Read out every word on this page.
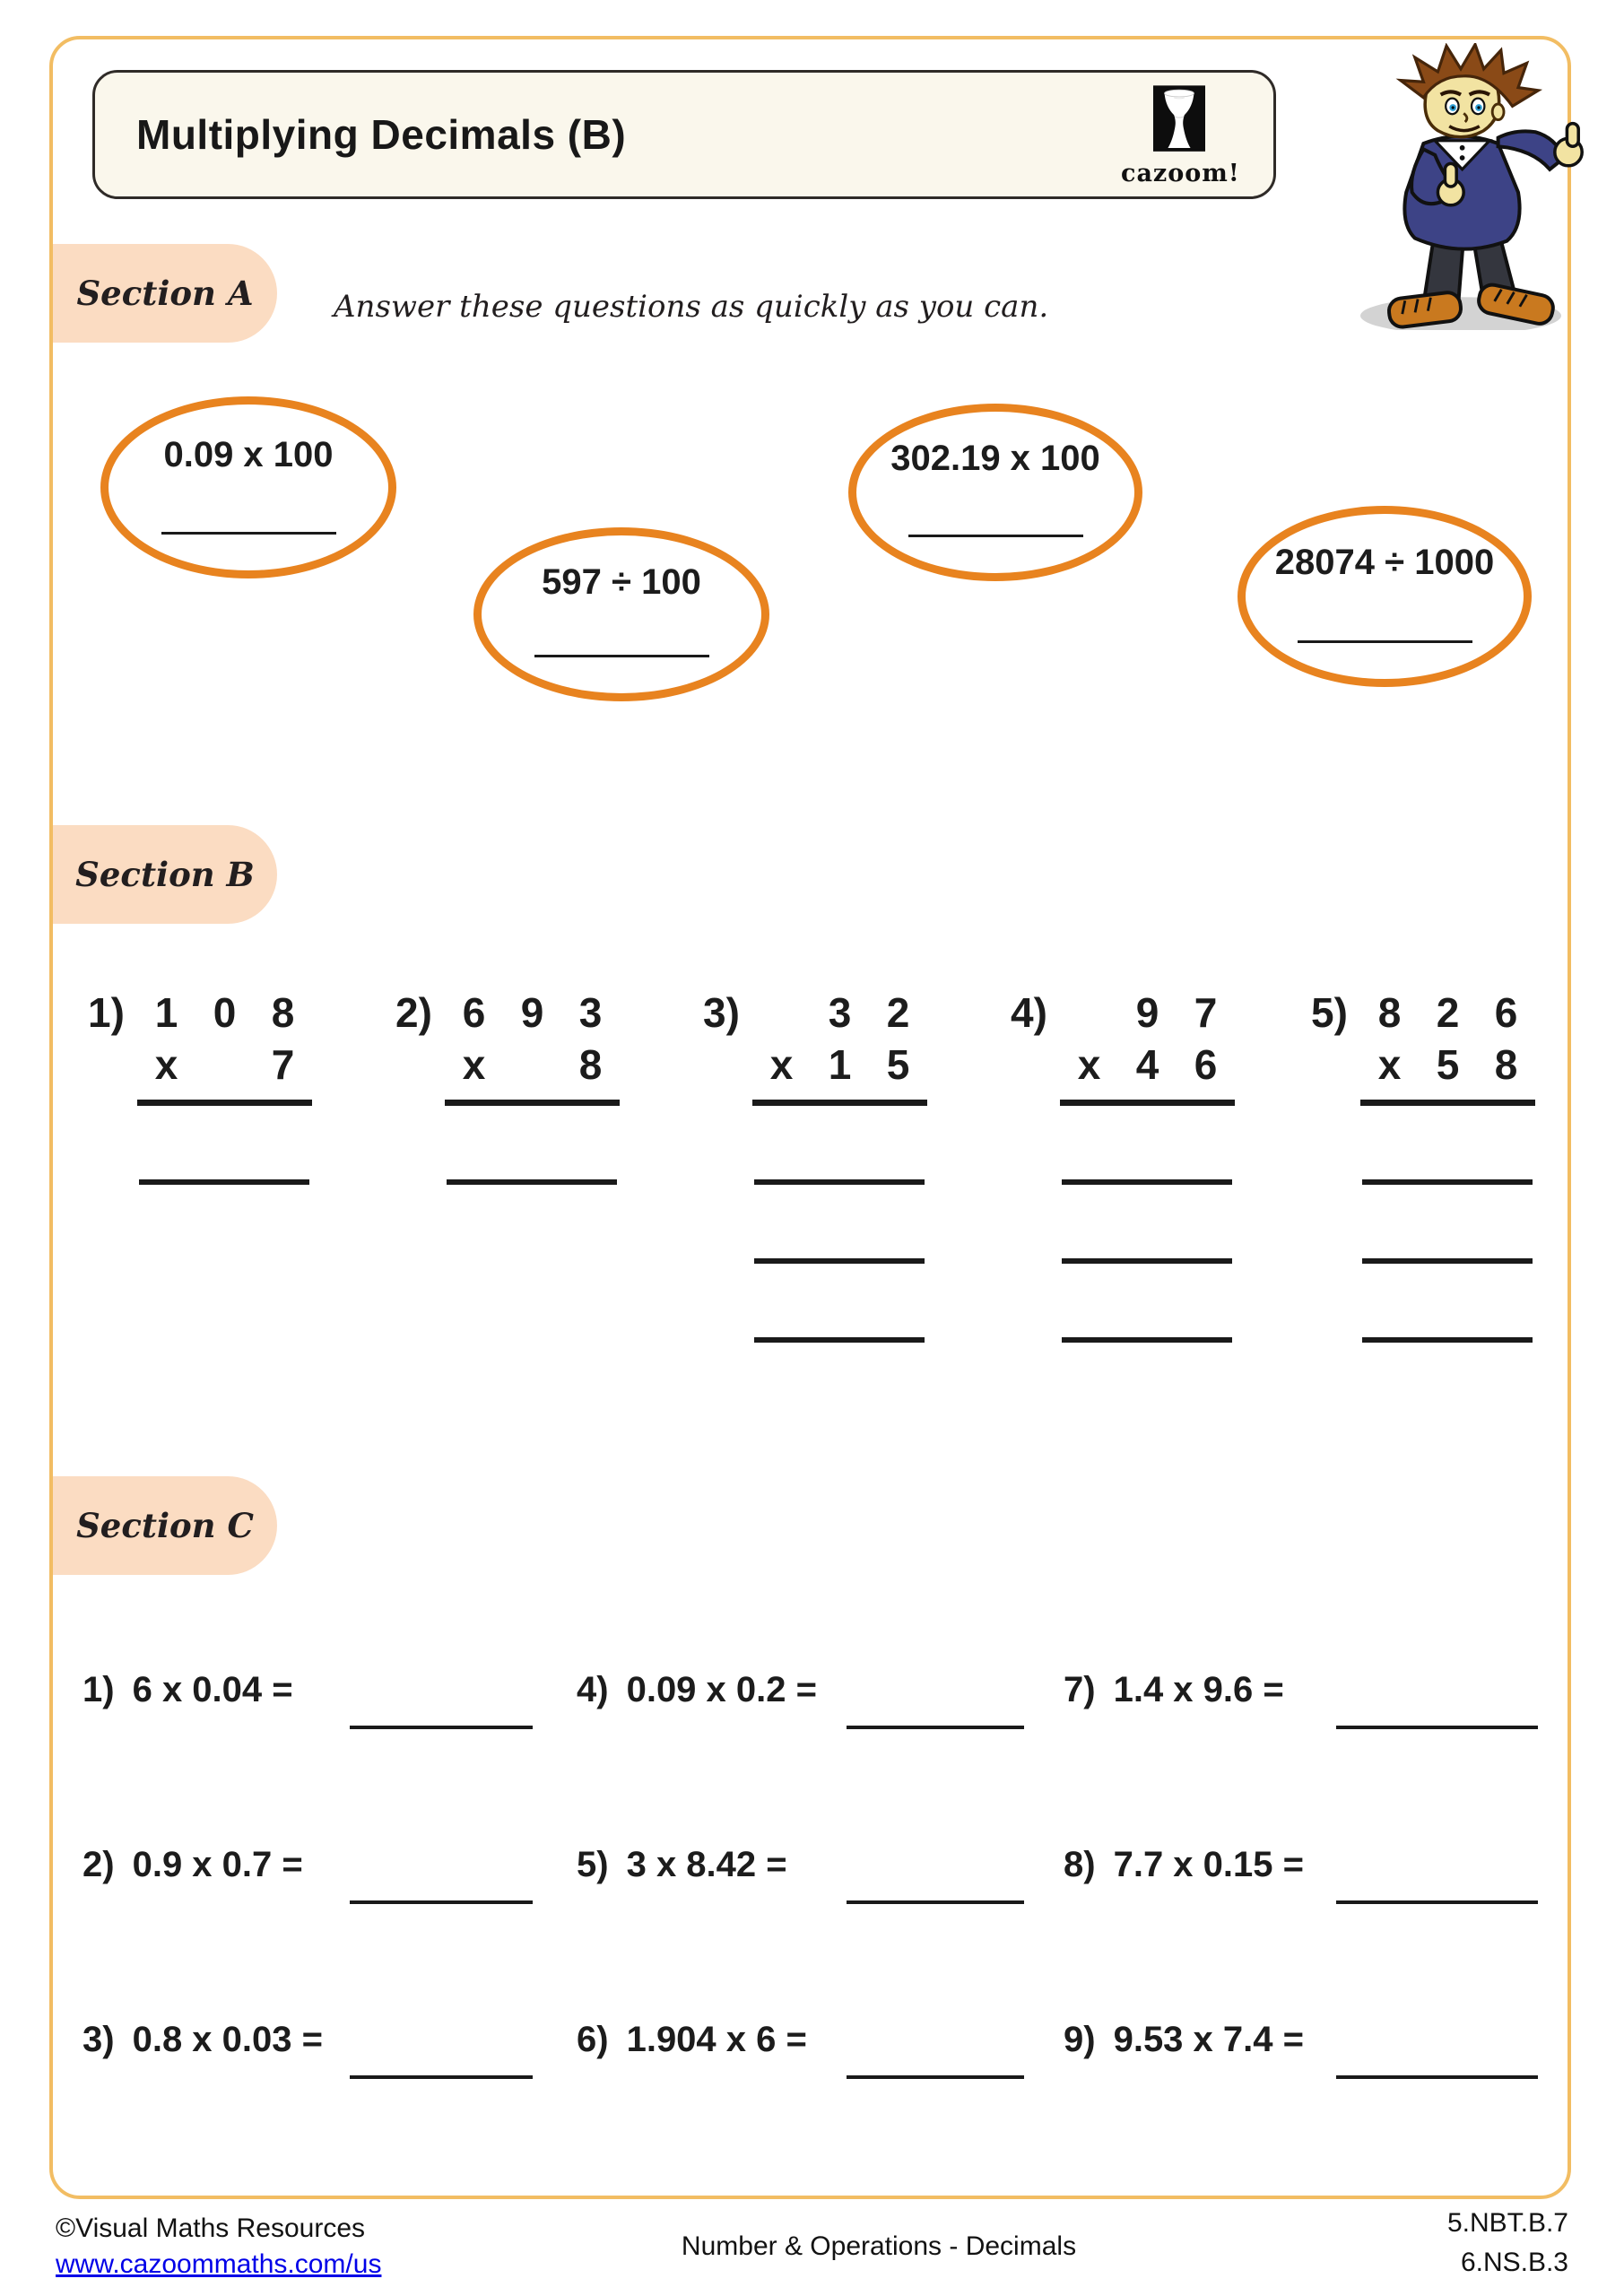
Multiplying Decimals (B)
cazoom!
Section A	Answer these questions as quickly as you can.
0.09 x 100
597 ÷ 100
302.19 x 100
28074 ÷ 1000
Section B
1) 1 0 8
x	7
2) 6 9 3
x	8
3)	3 2
x 1 5
4)	9 7
x 4 6
5) 8 2 6
x 5 8
Section C
1) 6 x 0.04 =	4) 0.09 x 0.2 =	7) 1.4 x 9.6 =
2) 0.9 x 0.7 =	5) 3 x 8.42 =	8) 7.7 x 0.15 =
3) 0.8 x 0.03 =	6) 1.904 x 6 =	9) 9.53 x 7.4 =
©Visual Maths Resources
www.cazoommaths.com/us
Number & Operations - Decimals
5.NBT.B.7
6.NS.B.3
